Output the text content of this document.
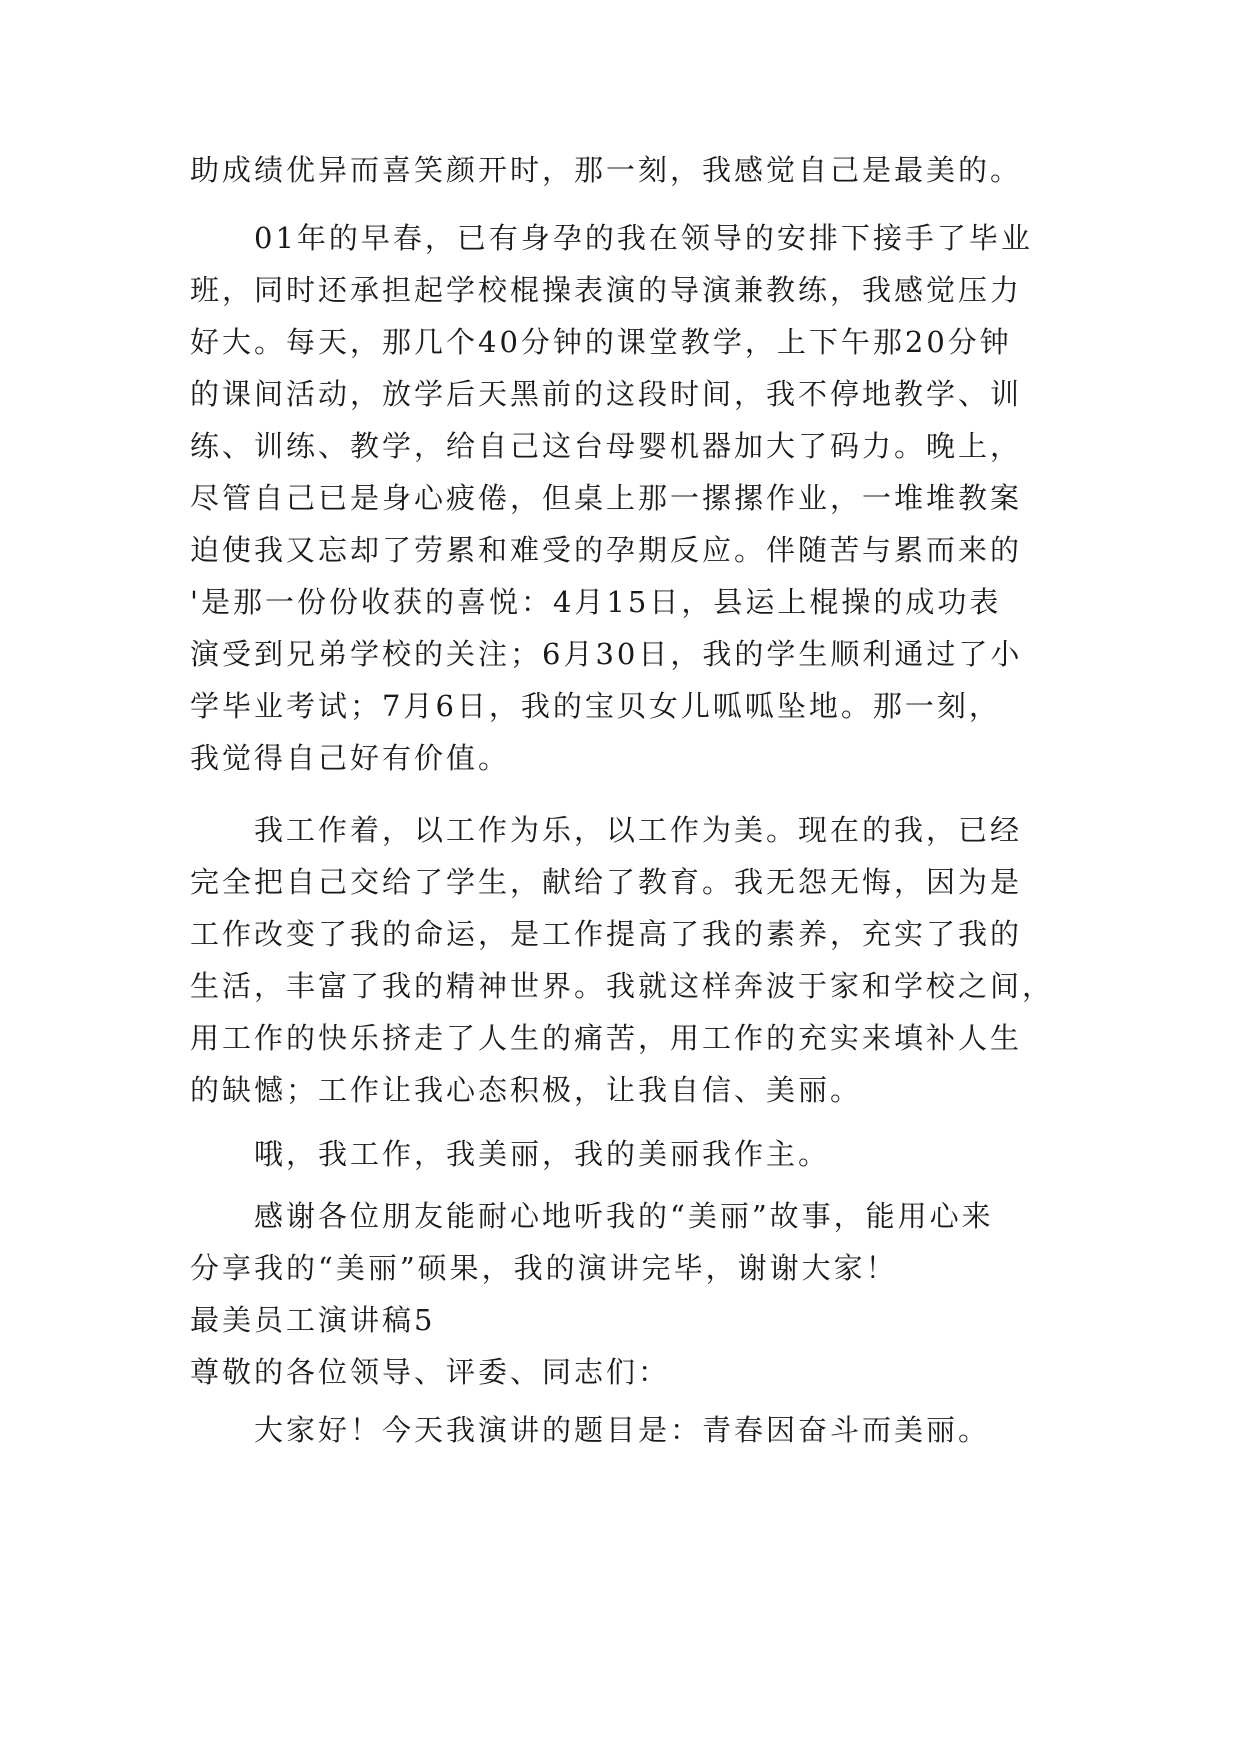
助成绩优异而喜笑颜开时，那一刻，我感觉自己是最美的。
01年的早春，已有身孕的我在领导的安排下接手了毕业
班，同时还承担起学校棍操表演的导演兼教练，我感觉压力
好大。每天，那几个40分钟的课堂教学，上下午那20分钟
的课间活动，放学后天黑前的这段时间，我不停地教学、训
练、训练、教学，给自己这台母婴机器加大了码力。晚上，
尽管自己已是身心疲倦，但桌上那一摞摞作业，一堆堆教案
迫使我又忘却了劳累和难受的孕期反应。伴随苦与累而来的
'是那一份份收获的喜悦：4月15日，县运上棍操的成功表
演受到兄弟学校的关注；6月30日，我的学生顺利通过了小
学毕业考试；7月6日，我的宝贝女儿呱呱坠地。那一刻，
我觉得自己好有价值。
我工作着，以工作为乐，以工作为美。现在的我，已经
完全把自己交给了学生，献给了教育。我无怨无悔，因为是
工作改变了我的命运，是工作提高了我的素养，充实了我的
生活，丰富了我的精神世界。我就这样奔波于家和学校之间，
用工作的快乐挤走了人生的痛苦，用工作的充实来填补人生
的缺憾；工作让我心态积极，让我自信、美丽。
哦，我工作，我美丽，我的美丽我作主。
感谢各位朋友能耐心地听我的“美丽”故事，能用心来
分享我的“美丽”硕果，我的演讲完毕，谢谢大家！
最美员工演讲稿5
尊敬的各位领导、评委、同志们：
大家好！今天我演讲的题目是：青春因奋斗而美丽。
